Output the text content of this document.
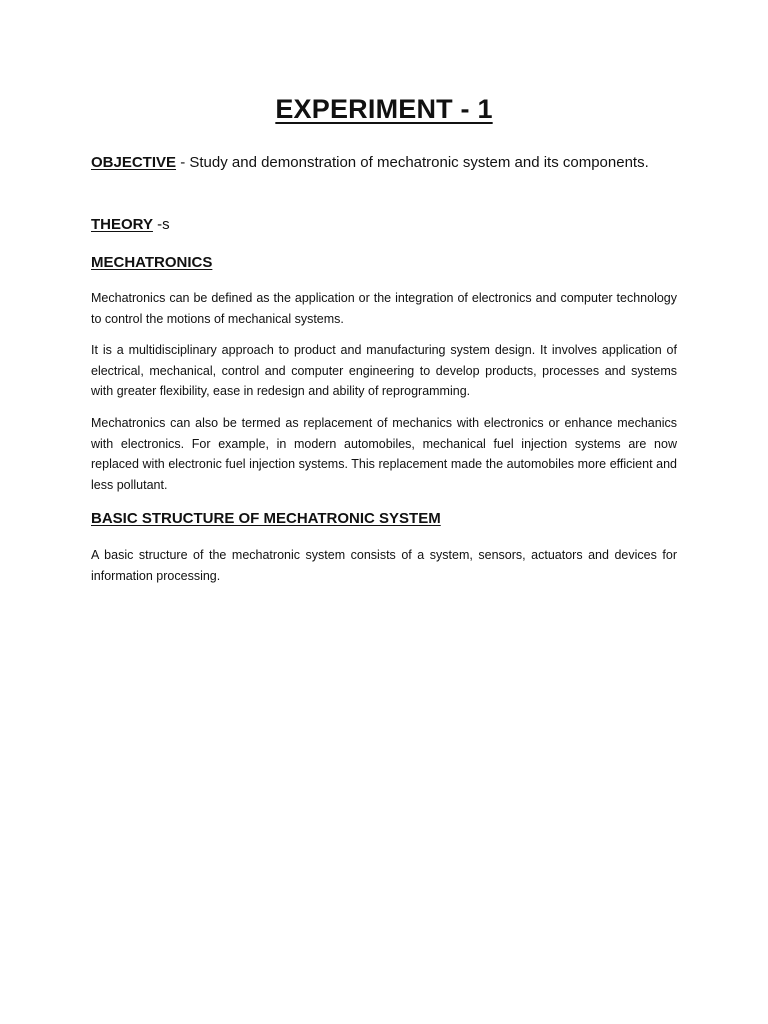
EXPERIMENT - 1
OBJECTIVE - Study and demonstration of mechatronic system and its components.
THEORY -s
MECHATRONICS
Mechatronics can be defined as the application or the integration of electronics and computer technology to control the motions of mechanical systems.
It is a multidisciplinary approach to product and manufacturing system design. It involves application of electrical, mechanical, control and computer engineering to develop products, processes and systems with greater flexibility, ease in redesign and ability of reprogramming.
Mechatronics can also be termed as replacement of mechanics with electronics or enhance mechanics with electronics. For example, in modern automobiles, mechanical fuel injection systems are now replaced with electronic fuel injection systems. This replacement made the automobiles more efficient and less pollutant.
BASIC STRUCTURE OF MECHATRONIC SYSTEM
A basic structure of the mechatronic system consists of a system, sensors, actuators and devices for information processing.
